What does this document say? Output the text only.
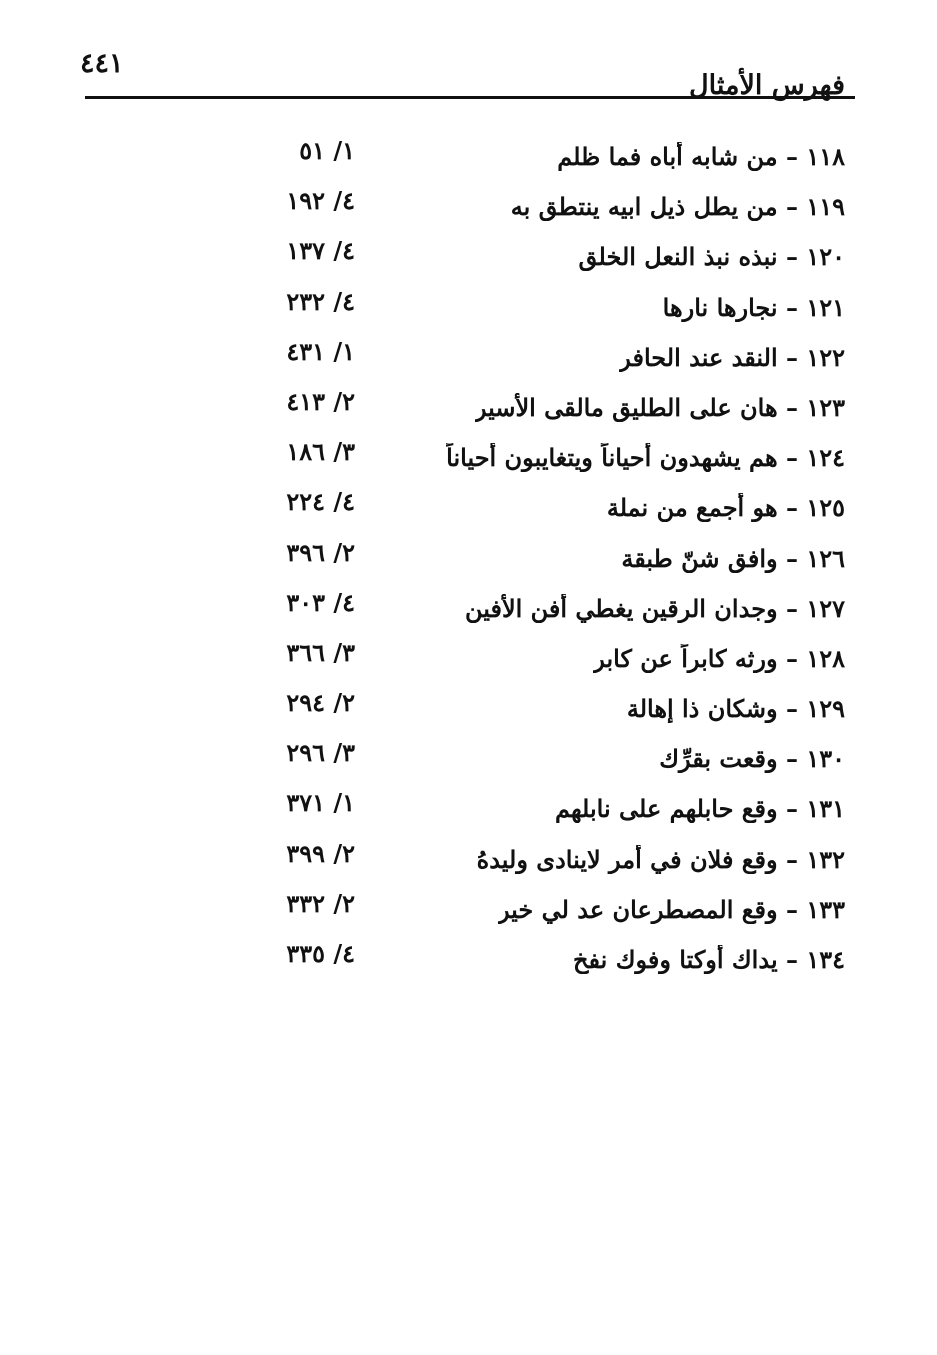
٤٤١
فهرس الأمثال
١١٨ – من شابه أباه فما ظلم
١/ ٥١
١١٩ – من يطل ذيل ابيه ينتطق به
٤/ ١٩٢
١٢٠ – نبذه نبذ النعل الخلق
٤/ ١٣٧
١٢١ – نجارها نارها
٤/ ٢٣٢
١٢٢ – النقد عند الحافر
١/ ٤٣١
١٢٣ – هان على الطليق مالقى الأسير
٢/ ٤١٣
١٢٤ – هم يشهدون أحياناً ويتغايبون أحياناً
٣/ ١٨٦
١٢٥ – هو أجمع من نملة
٤/ ٢٢٤
١٢٦ – وافق شنّ طبقة
٢/ ٣٩٦
١٢٧ – وجدان الرقين يغطي أفن الأفين
٤/ ٣٠٣
١٢٨ – ورثه كابراً عن كابر
٣/ ٣٦٦
١٢٩ – وشكان ذا إهالة
٢/ ٢٩٤
١٣٠ – وقعت بقرِّك
٣/ ٢٩٦
١٣١ – وقع حابلهم على نابلهم
١/ ٣٧١
١٣٢ – وقع فلان في أمر لاينادى وليدهُ
٢/ ٣٩٩
١٣٣ – وقع المصطرعان عد لي خير
٢/ ٣٣٢
١٣٤ – يداك أوكتا وفوك نفخ
٤/ ٣٣٥
